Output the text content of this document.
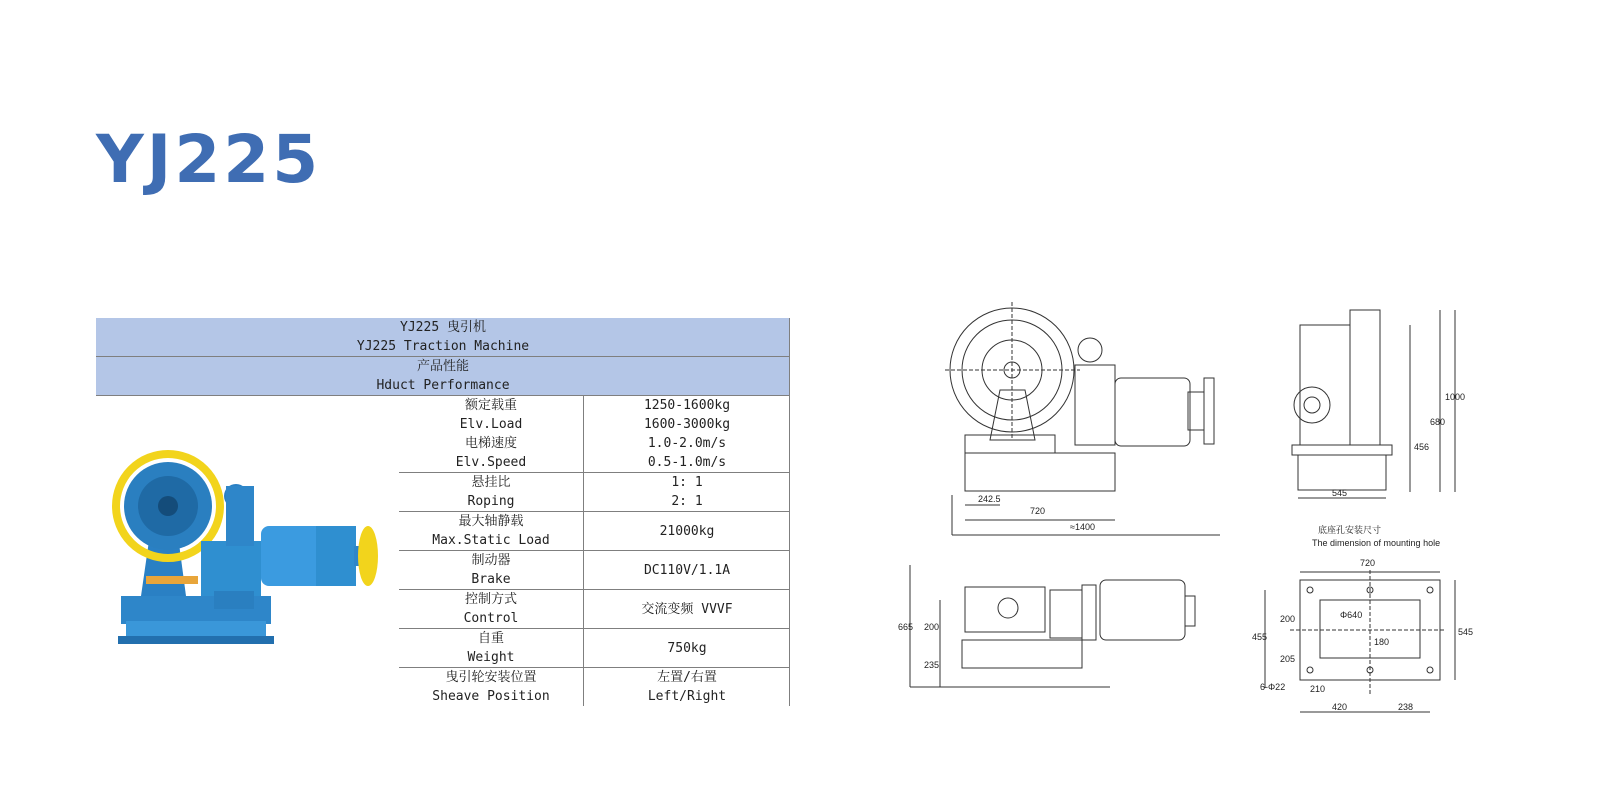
YJ225
YJ225 曳引机
YJ225 Traction Machine
产品性能
Hduct Performance
额定载重
Elv.Load
电梯速度
Elv.Speed
1250-1600kg
1600-3000kg
1.0-2.0m/s
0.5-1.0m/s
悬挂比
Roping
1: 1
2: 1
最大轴静载
Max.Static Load
21000kg
制动器
Brake
DC110V/1.1A
控制方式
Control
交流变频 VVVF
自重
Weight
750kg
曳引轮安装位置
Sheave Position
左置/右置
Left/Right
242.5
720
≈1400
545
456
680
1000
底座孔安装尺寸
The dimension of mounting hole
665 200
235
720
Φ640
180
455
200
205
545
6-Φ22	210
420	238
